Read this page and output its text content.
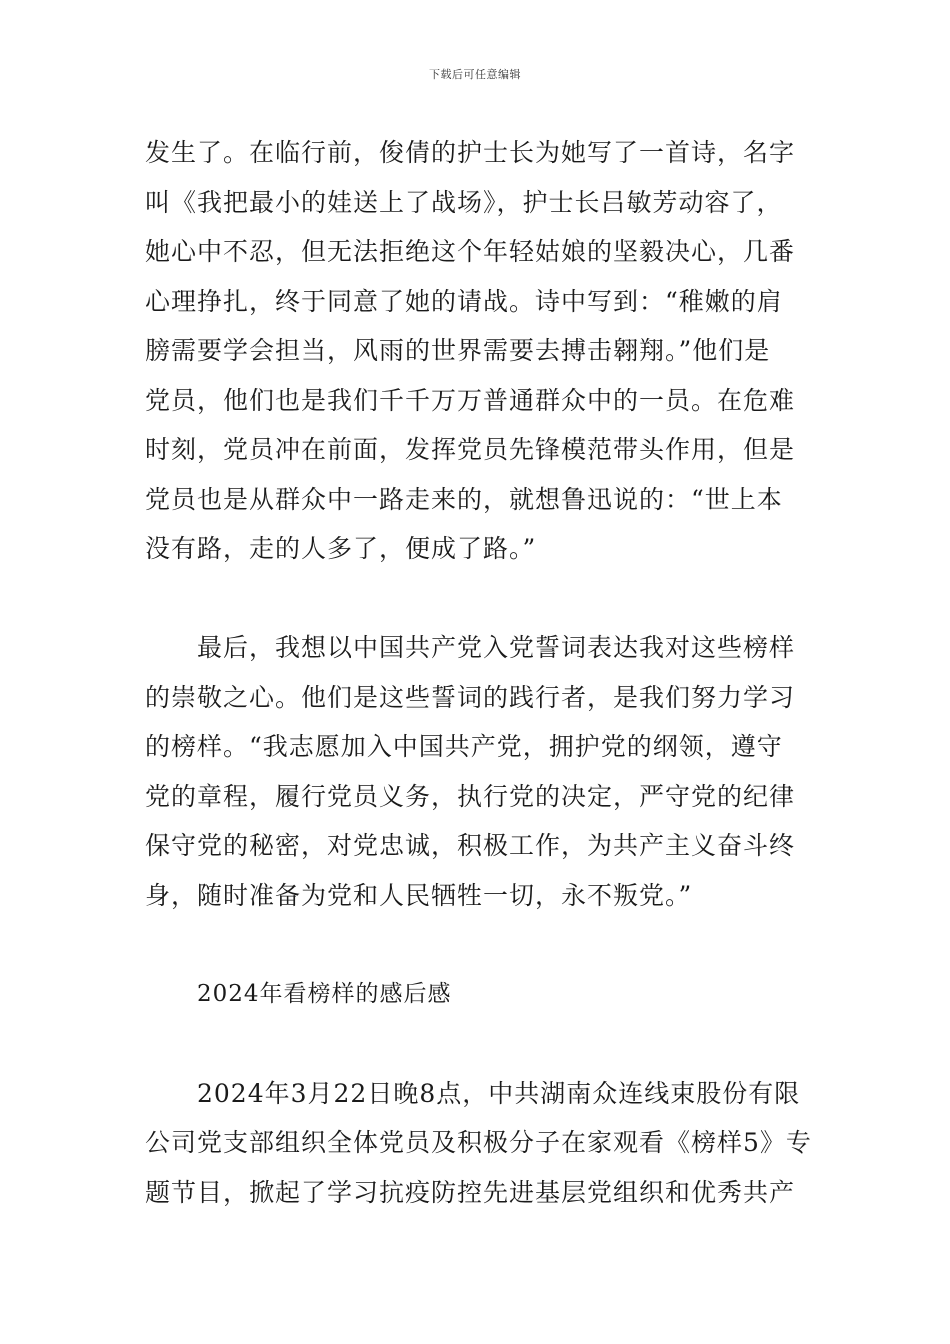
下载后可任意编辑
发生了。在临行前，俊倩的护士长为她写了一首诗，名字
叫《我把最小的娃送上了战场》，护士长吕敏芳动容了，
她心中不忍，但无法拒绝这个年轻姑娘的坚毅决心，几番
心理挣扎，终于同意了她的请战。诗中写到：“稚嫩的肩
膀需要学会担当，风雨的世界需要去搏击翱翔。”他们是
党员，他们也是我们千千万万普通群众中的一员。在危难
时刻，党员冲在前面，发挥党员先锋模范带头作用，但是
党员也是从群众中一路走来的，就想鲁迅说的：“世上本
没有路，走的人多了，便成了路。”
最后，我想以中国共产党入党誓词表达我对这些榜样
的崇敬之心。他们是这些誓词的践行者，是我们努力学习
的榜样。“我志愿加入中国共产党，拥护党的纲领，遵守
党的章程，履行党员义务，执行党的决定，严守党的纪律
保守党的秘密，对党忠诚，积极工作，为共产主义奋斗终
身，随时准备为党和人民牺牲一切，永不叛党。”
2024年看榜样的感后感
2024年3月22日晚8点，中共湖南众连线束股份有限
公司党支部组织全体党员及积极分子在家观看《榜样5》专
题节目，掀起了学习抗疫防控先进基层党组织和优秀共产
